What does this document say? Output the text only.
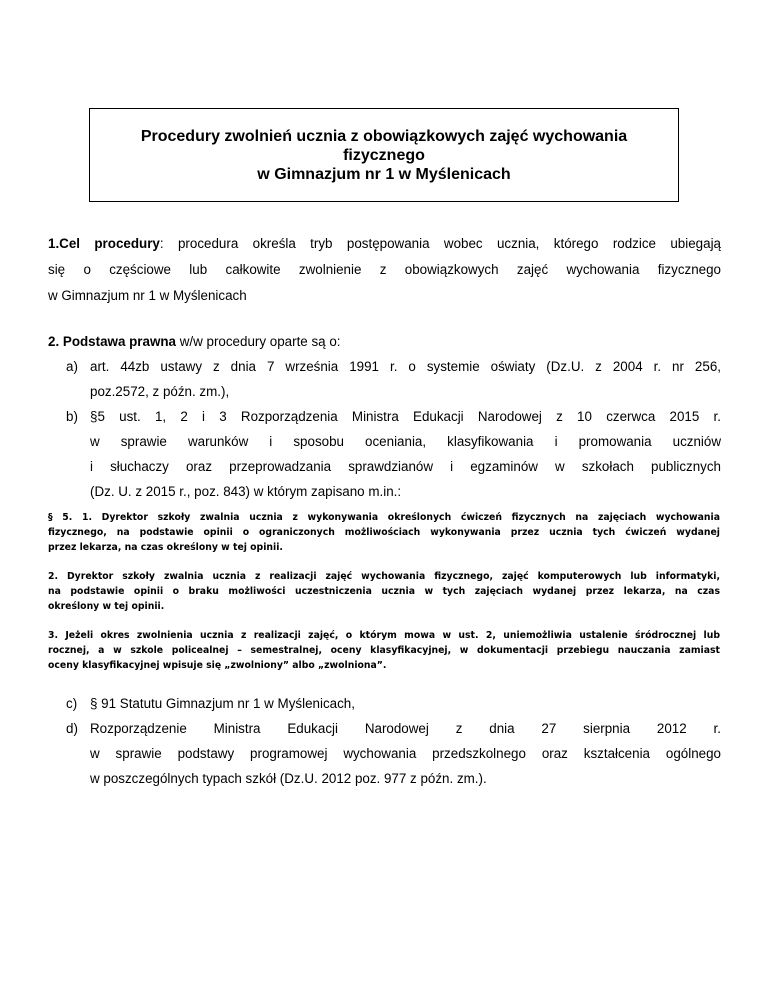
Procedury zwolnień ucznia z obowiązkowych zajęć wychowania
fizycznego
w Gimnazjum nr 1 w Myślenicach
1.Cel procedury: procedura określa tryb postępowania wobec ucznia, którego rodzice ubiegają
się o częściowe lub całkowite zwolnienie z obowiązkowych zajęć wychowania fizycznego
w Gimnazjum nr 1 w Myślenicach
2. Podstawa prawna w/w procedury oparte są o:
a) art. 44zb ustawy z dnia 7 września 1991 r. o systemie oświaty (Dz.U. z 2004 r. nr 256,
poz.2572, z późn. zm.),
b) §5 ust. 1, 2 i 3 Rozporządzenia Ministra Edukacji Narodowej z 10 czerwca 2015 r.
w sprawie warunków i sposobu oceniania, klasyfikowania i promowania uczniów
i słuchaczy oraz przeprowadzania sprawdzianów i egzaminów w szkołach publicznych
(Dz. U. z 2015 r., poz. 843) w którym zapisano m.in.:
§ 5. 1. Dyrektor szkoły zwalnia ucznia z wykonywania określonych ćwiczeń fizycznych na zajęciach wychowania
fizycznego, na podstawie opinii o ograniczonych możliwościach wykonywania przez ucznia tych ćwiczeń wydanej
przez lekarza, na czas określony w tej opinii.
2. Dyrektor szkoły zwalnia ucznia z realizacji zajęć wychowania fizycznego, zajęć komputerowych lub informatyki,
na podstawie opinii o braku możliwości uczestniczenia ucznia w tych zajęciach wydanej przez lekarza, na czas
określony w tej opinii.
3. Jeżeli okres zwolnienia ucznia z realizacji zajęć, o którym mowa w ust. 2, uniemożliwia ustalenie śródrocznej lub
rocznej, a w szkole policealnej – semestralnej, oceny klasyfikacyjnej, w dokumentacji przebiegu nauczania zamiast
oceny klasyfikacyjnej wpisuje się „zwolniony” albo „zwolniona”.
c) § 91 Statutu Gimnazjum nr 1 w Myślenicach,
d) Rozporządzenie Ministra Edukacji Narodowej z dnia 27 sierpnia 2012 r.
w sprawie podstawy programowej wychowania przedszkolnego oraz kształcenia ogólnego
w poszczególnych typach szkół (Dz.U. 2012 poz. 977 z późn. zm.).
